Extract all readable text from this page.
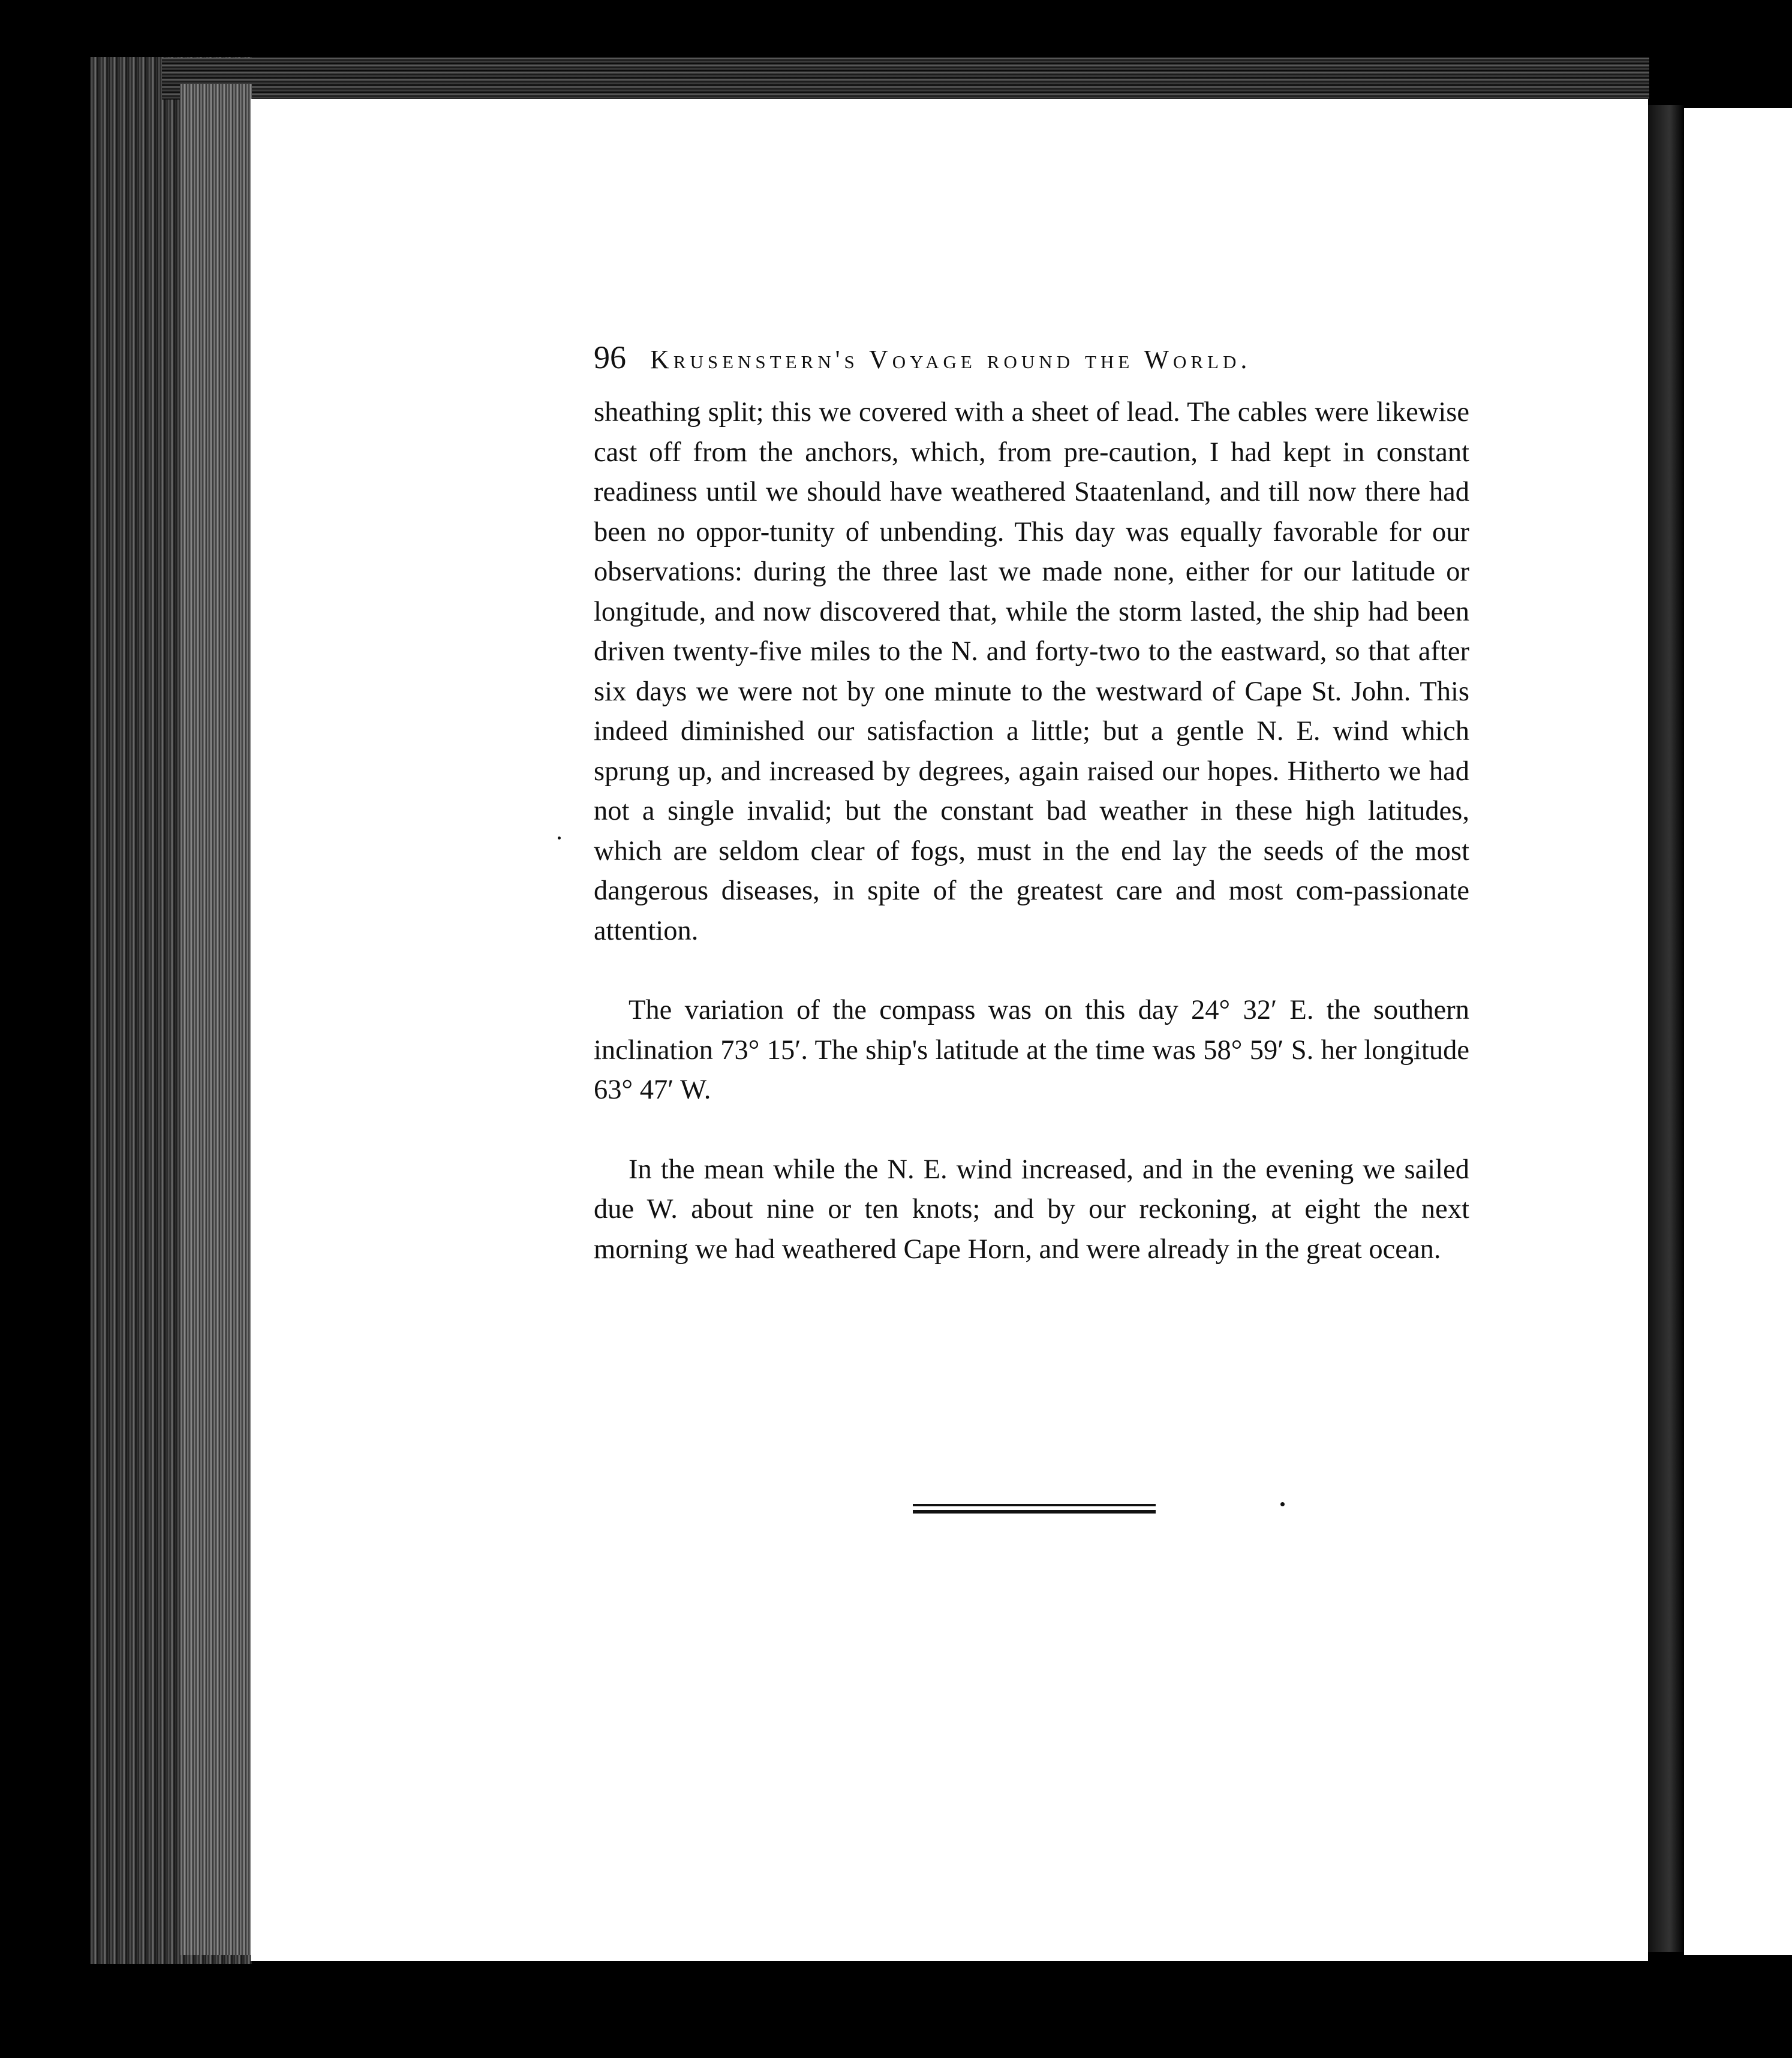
96 Krusenstern's Voyage round the World.

sheathing split; this we covered with a sheet of lead. The cables were likewise cast off from the anchors, which, from pre-caution, I had kept in constant readiness until we should have weathered Staatenland, and till now there had been no oppor-tunity of unbending. This day was equally favorable for our observations: during the three last we made none, either for our latitude or longitude, and now discovered that, while the storm lasted, the ship had been driven twenty-five miles to the N. and forty-two to the eastward, so that after six days we were not by one minute to the westward of Cape St. John. This indeed diminished our satisfaction a little; but a gentle N. E. wind which sprung up, and increased by degrees, again raised our hopes. Hitherto we had not a single invalid; but the constant bad weather in these high latitudes, which are seldom clear of fogs, must in the end lay the seeds of the most dangerous diseases, in spite of the greatest care and most com-passionate attention.

The variation of the compass was on this day 24° 32′ E. the southern inclination 73° 15′. The ship's latitude at the time was 58° 59′ S. her longitude 63° 47′ W.

In the mean while the N. E. wind increased, and in the evening we sailed due W. about nine or ten knots; and by our reckoning, at eight the next morning we had weathered Cape Horn, and were already in the great ocean.
